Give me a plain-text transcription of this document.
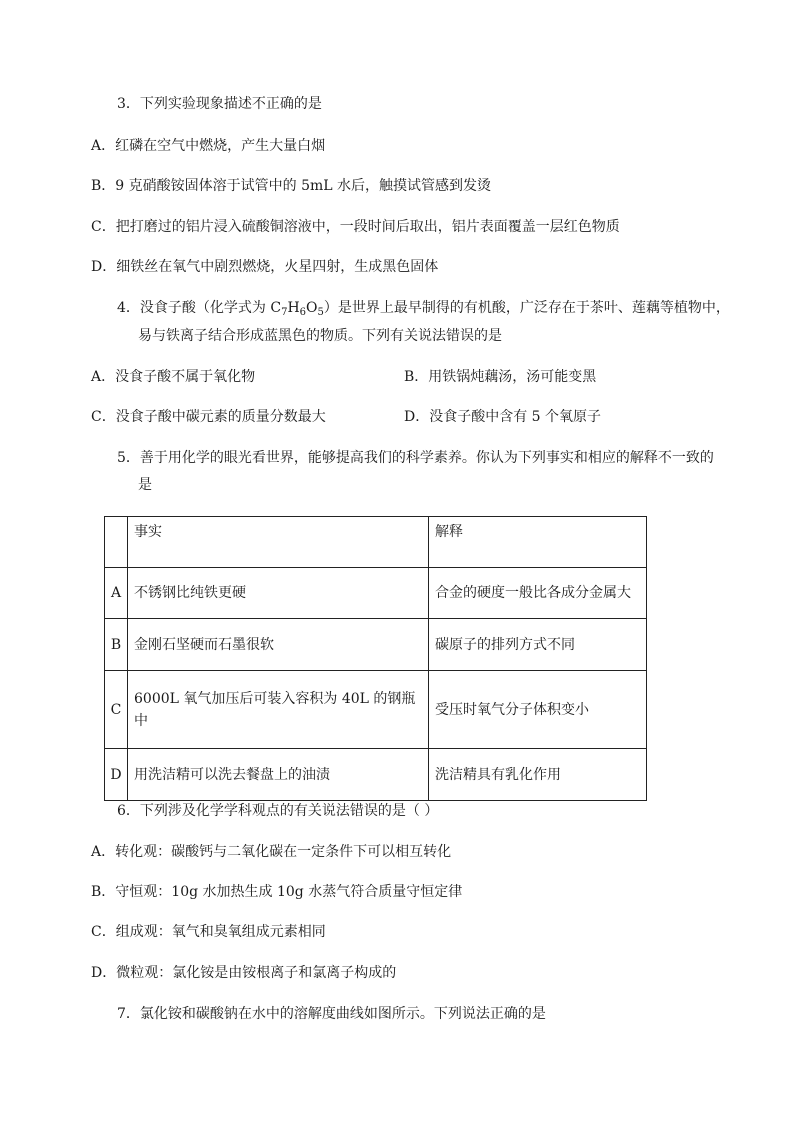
3．下列实验现象描述不正确的是
A．红磷在空气中燃烧，产生大量白烟
B．9 克硝酸铵固体溶于试管中的 5mL 水后，触摸试管感到发烫
C．把打磨过的铝片浸入硫酸铜溶液中，一段时间后取出，铝片表面覆盖一层红色物质
D．细铁丝在氧气中剧烈燃烧，火星四射，生成黑色固体
4．没食子酸（化学式为 $C_7H_6O_5$）是世界上最早制得的有机酸，广泛存在于茶叶、莲藕等植物中，
易与铁离子结合形成蓝黑色的物质。下列有关说法错误的是
A．没食子酸不属于氧化物	B．用铁锅炖藕汤，汤可能变黑
C．没食子酸中碳元素的质量分数最大	D．没食子酸中含有 5 个氧原子
5．善于用化学的眼光看世界，能够提高我们的科学素养。你认为下列事实和相应的解释不一致的
是
	事实	解释
A	不锈钢比纯铁更硬	合金的硬度一般比各成分金属大
B	金刚石坚硬而石墨很软	碳原子的排列方式不同
C	6000L 氧气加压后可装入容积为 40L 的钢瓶
中	受压时氧气分子体积变小
D	用洗洁精可以洗去餐盘上的油渍	洗洁精具有乳化作用
6．下列涉及化学学科观点的有关说法错误的是（ ）
A．转化观：碳酸钙与二氧化碳在一定条件下可以相互转化
B．守恒观：10g 水加热生成 10g 水蒸气符合质量守恒定律
C．组成观：氧气和臭氧组成元素相同
D．微粒观：氯化铵是由铵根离子和氯离子构成的
7．氯化铵和碳酸钠在水中的溶解度曲线如图所示。下列说法正确的是
